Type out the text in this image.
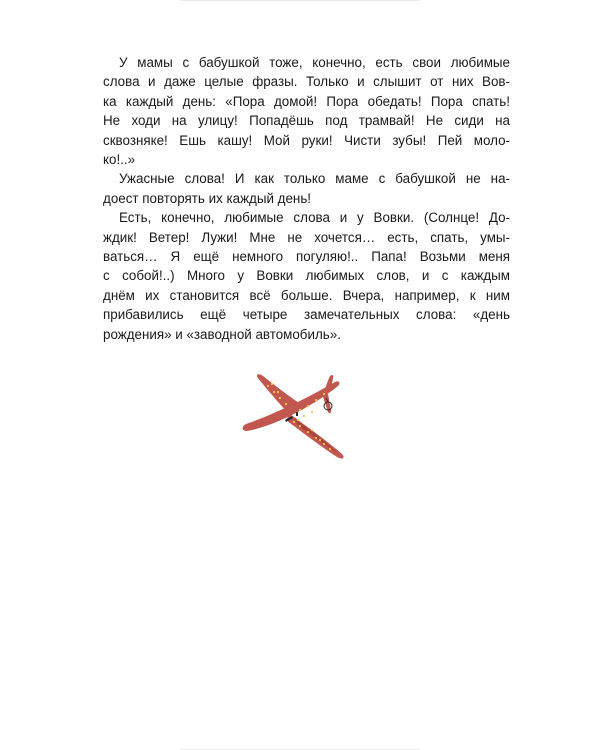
У мамы с бабушкой тоже, конечно, есть свои любимые
слова и даже целые фразы. Только и слышит от них Вов-
ка каждый день: «Пора домой! Пора обедать! Пора спать!
Не ходи на улицу! Попадёшь под трамвай! Не сиди на
сквозняке! Ешь кашу! Мой руки! Чисти зубы! Пей моло-
ко!..»
Ужасные слова! И как только маме с бабушкой не на-
доест повторять их каждый день!
Есть, конечно, любимые слова и у Вовки. (Солнце! До-
ждик! Ветер! Лужи! Мне не хочется… есть, спать, умы-
ваться… Я ещё немного погуляю!.. Папа! Возьми меня
с собой!..) Много у Вовки любимых слов, и с каждым
днём их становится всё больше. Вчера, например, к ним
прибавились ещё четыре замечательных слова: «день
рождения» и «заводной автомобиль».
